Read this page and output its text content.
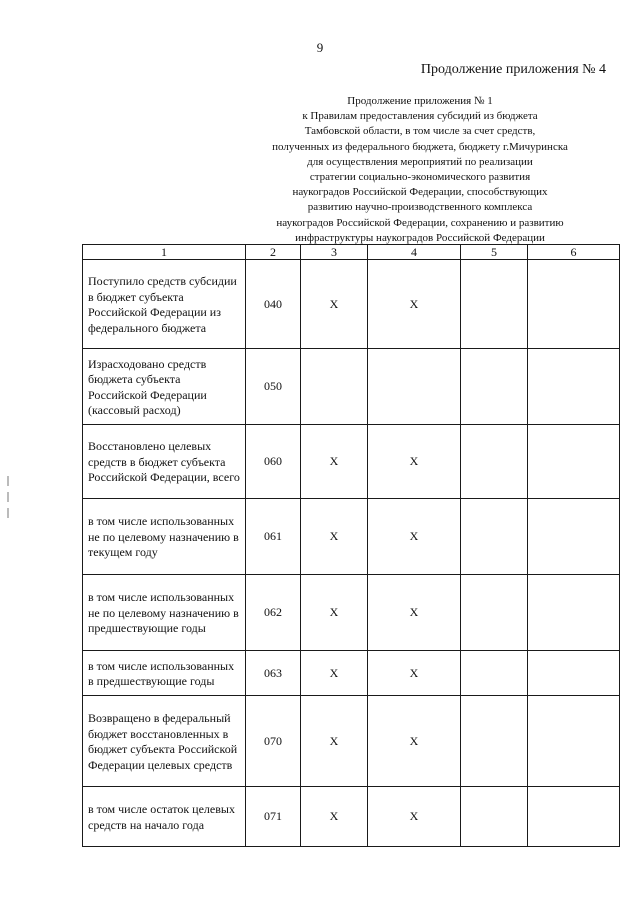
9
Продолжение приложения № 4
Продолжение приложения № 1
к Правилам предоставления субсидий из бюджета
Тамбовской области, в том числе за счет средств,
полученных из федерального бюджета, бюджету г.Мичуринска
для осуществления мероприятий по реализации
стратегии социально-экономического развития
наукоградов Российской Федерации, способствующих
развитию научно-производственного комплекса
наукоградов Российской Федерации, сохранению и развитию
инфраструктуры наукоградов Российской Федерации
1	2	3	4	5	6
Поступило средств субсидии в бюджет субъекта Российской Федерации из федерального бюджета	040	X	X		
Израсходовано средств бюджета субъекта Российской Федерации (кассовый расход)	050				
Восстановлено целевых средств в бюджет субъекта Российской Федерации, всего	060	X	X		
в том числе использованных не по целевому назначению в текущем году	061	X	X		
в том числе использованных не по целевому назначению в предшествующие годы	062	X	X		
в том числе использованных в предшествующие годы	063	X	X		
Возвращено в федеральный бюджет восстановленных в бюджет субъекта Российской Федерации целевых средств	070	X	X		
в том числе остаток целевых средств на начало года	071	X	X		
